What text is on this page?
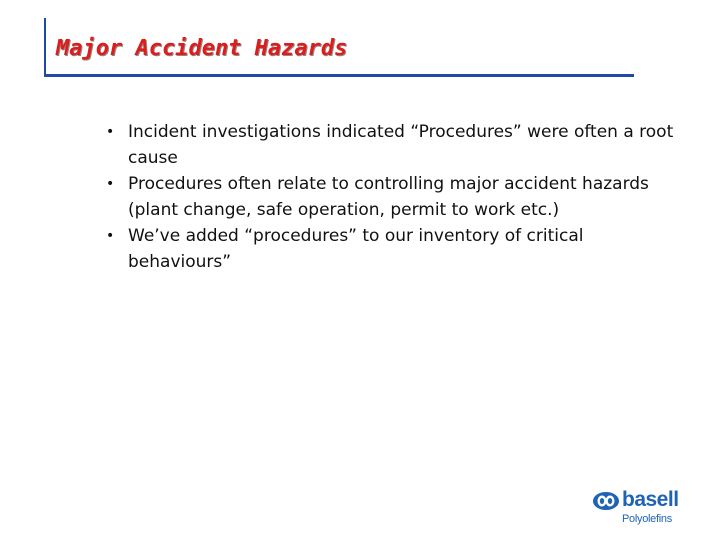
Major Accident Hazards
• Incident investigations indicated “Procedures” were often a root cause
• Procedures often relate to controlling major accident hazards (plant change, safe operation, permit to work etc.)
• We’ve added “procedures” to our inventory of critical behaviours”
basell
Polyolefins
